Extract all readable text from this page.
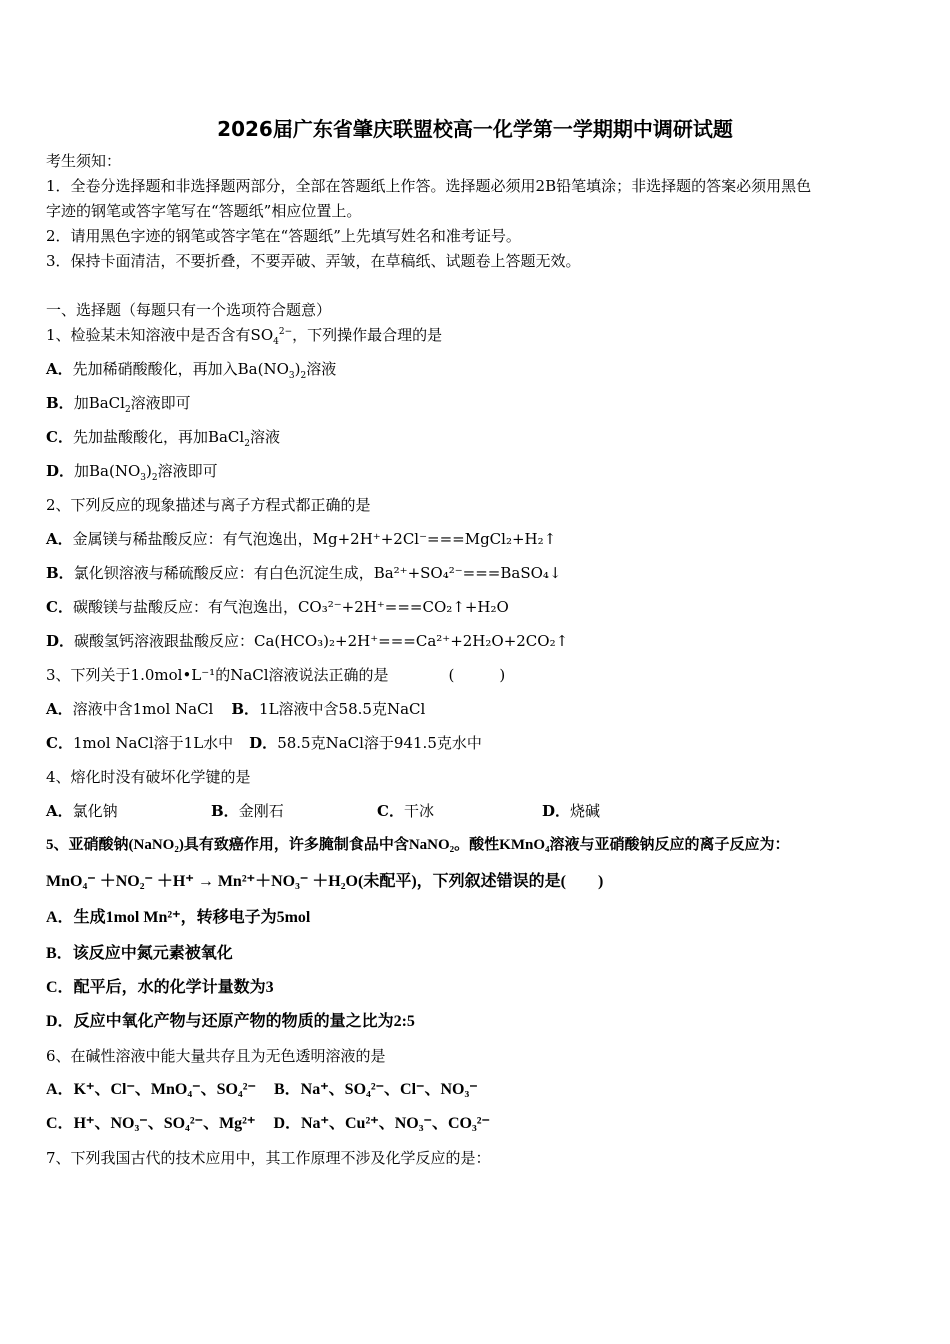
2026届广东省肇庆联盟校高一化学第一学期期中调研试题
考生须知：
1．全卷分选择题和非选择题两部分，全部在答题纸上作答。选择题必须用2B铅笔填涂；非选择题的答案必须用黑色
字迹的钢笔或答字笔写在“答题纸”相应位置上。
2．请用黑色字迹的钢笔或答字笔在“答题纸”上先填写姓名和准考证号。
3．保持卡面清洁，不要折叠，不要弄破、弄皱，在草稿纸、试题卷上答题无效。
一、选择题（每题只有一个选项符合题意）
1、检验某未知溶液中是否含有$SO_4^{2-}$，下列操作最合理的是
A．先加稀硝酸酸化，再加入$Ba(NO_3)_2$溶液
B．加BaCl$_2$溶液即可
C．先加盐酸酸化，再加BaCl$_2$溶液
D．加$Ba(NO_3)_2$溶液即可
2、下列反应的现象描述与离子方程式都正确的是
A．金属镁与稀盐酸反应：有气泡逸出，Mg+2H⁺+2Cl⁻===MgCl₂+H₂↑
B．氯化钡溶液与稀硫酸反应：有白色沉淀生成，Ba²⁺+SO₄²⁻===BaSO₄↓
C．碳酸镁与盐酸反应：有气泡逸出，CO₃²⁻+2H⁺===CO₂↑+H₂O
D．碳酸氢钙溶液跟盐酸反应：Ca(HCO₃)₂+2H⁺===Ca²⁺+2H₂O+2CO₂↑
3、下列关于1.0mol•L⁻¹的NaCl溶液说法正确的是	(　　　)
A．溶液中含1mol NaCl B．1L溶液中含58.5克NaCl
C．1mol NaCl溶于1L水中 D．58.5克NaCl溶于941.5克水中
4、熔化时没有破坏化学键的是
A．氯化钠	B．金刚石	C．干冰	D．烧碱
5、亚硝酸钠(NaNO₂)具有致癌作用，许多腌制食品中含NaNO₂。酸性KMnO₄溶液与亚硝酸钠反应的离子反应为：
MnO₄⁻ ＋NO₂⁻ ＋H⁺ → Mn²⁺＋NO₃⁻ ＋H₂O(未配平)，下列叙述错误的是(　　)
A．生成1mol Mn²⁺，转移电子为5mol
B．该反应中氮元素被氧化
C．配平后，水的化学计量数为3
D．反应中氧化产物与还原产物的物质的量之比为2:5
6、在碱性溶液中能大量共存且为无色透明溶液的是
A．K⁺、Cl⁻、MnO₄⁻、SO₄²⁻ B．Na⁺、SO₄²⁻、Cl⁻、NO₃⁻
C．H⁺、NO₃⁻、SO₄²⁻、Mg²⁺ D．Na⁺、Cu²⁺、NO₃⁻、CO₃²⁻
7、下列我国古代的技术应用中，其工作原理不涉及化学反应的是：
